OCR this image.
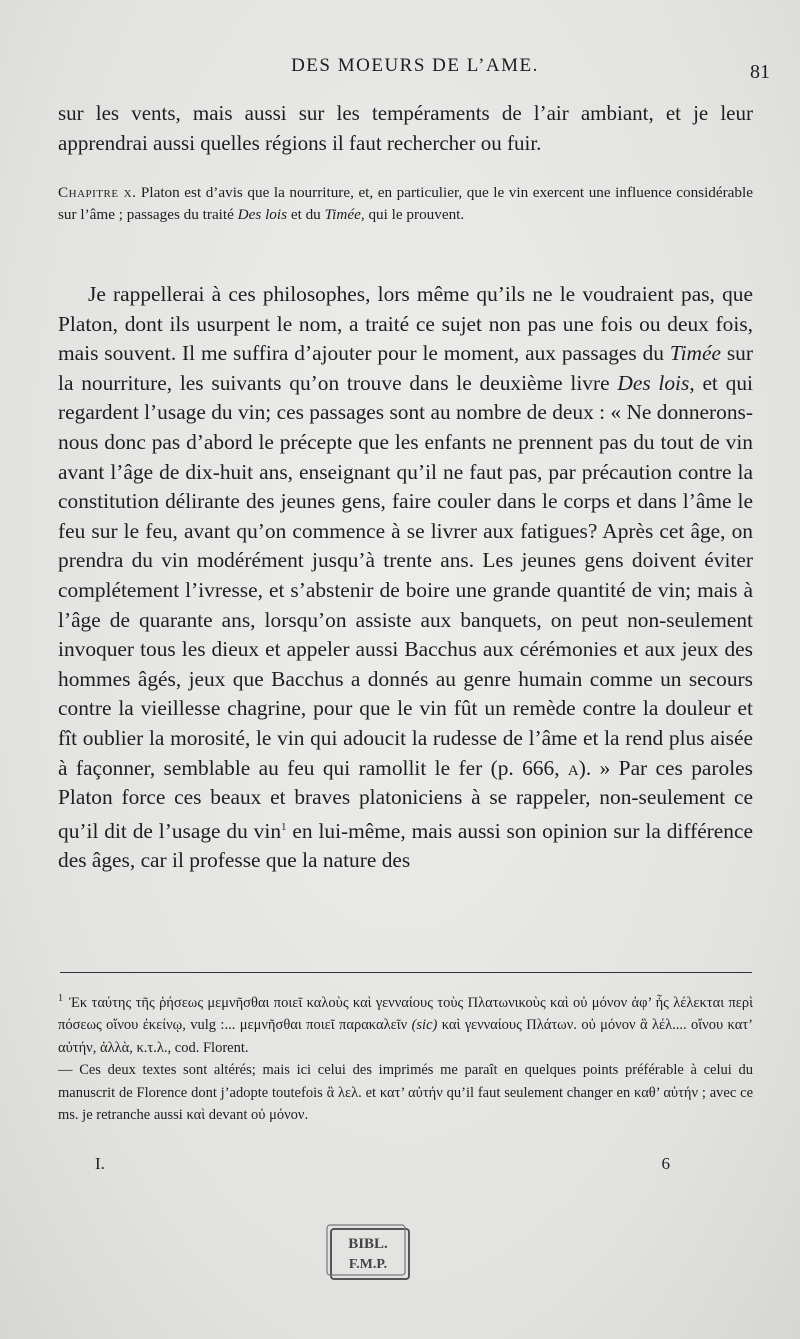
DES MOEURS DE L’AME.	81
sur les vents, mais aussi sur les tempéraments de l’air ambiant, et je leur apprendrai aussi quelles régions il faut rechercher ou fuir.
Chapitre x. Platon est d’avis que la nourriture, et, en particulier, que le vin exercent une influence considérable sur l’âme ; passages du traité Des lois et du Timée, qui le prouvent.

Je rappellerai à ces philosophes, lors même qu’ils ne le voudraient pas, que Platon, dont ils usurpent le nom, a traité ce sujet non pas une fois ou deux fois, mais souvent. Il me suffira d’ajouter pour le moment, aux passages du Timée sur la nourriture, les suivants qu’on trouve dans le deuxième livre Des lois, et qui regardent l’usage du vin; ces passages sont au nombre de deux : « Ne donnerons-nous donc pas d’abord le précepte que les enfants ne prennent pas du tout de vin avant l’âge de dix-huit ans, enseignant qu’il ne faut pas, par précaution contre la constitution délirante des jeunes gens, faire couler dans le corps et dans l’âme le feu sur le feu, avant qu’on commence à se livrer aux fatigues? Après cet âge, on prendra du vin modérément jusqu’à trente ans. Les jeunes gens doivent éviter complétement l’ivresse, et s’abstenir de boire une grande quantité de vin; mais à l’âge de quarante ans, lorsqu’on assiste aux banquets, on peut non-seulement invoquer tous les dieux et appeler aussi Bacchus aux cérémonies et aux jeux des hommes âgés, jeux que Bacchus a donnés au genre humain comme un secours contre la vieillesse chagrine, pour que le vin fût un remède contre la douleur et fît oublier la morosité, le vin qui adoucit la rudesse de l’âme et la rend plus aisée à façonner, semblable au feu qui ramollit le fer (p. 666, a). » Par ces paroles Platon force ces beaux et braves platoniciens à se rappeler, non-seulement ce qu’il dit de l’usage du vin$^1$ en lui-même, mais aussi son opinion sur la différence des âges, car il professe que la nature des

$^1$ Ἐκ ταύτης τῆς ῥήσεως μεμνῆσθαι ποιεῖ καλοὺς καὶ γενναίους τοὺς Πλατωνικοὺς καὶ οὐ μόνον ἀφ’ ἧς λέλεκται περὶ πόσεως οἴνου ἐκείνῳ, vulg :... μεμνῆσθαι ποιεῖ παρακαλεῖν (sic) καὶ γενναίους Πλάτων. οὐ μόνον ἃ λέλ.... οἴνου κατ’ αὐτήν, ἀλλὰ, κ.τ.λ., cod. Florent.

— Ces deux textes sont altérés; mais ici celui des imprimés me paraît en quelques points préférable à celui du manuscrit de Florence dont j’adopte toutefois ἃ λελ. et κατ’ αὐτήν qu’il faut seulement changer en καθ’ αὐτήν ; avec ce ms. je retranche aussi καὶ devant οὐ μόνον.

I.	6
BIBL.
F.M.P.
